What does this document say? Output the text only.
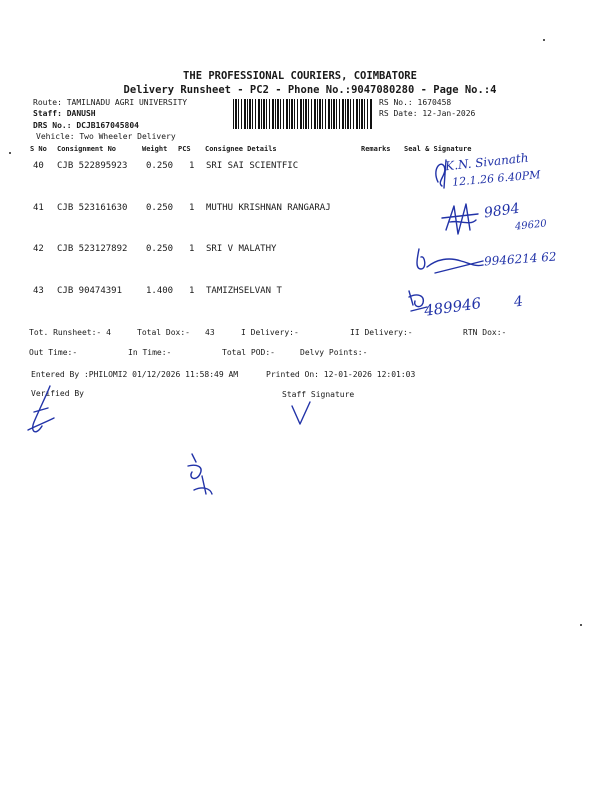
THE PROFESSIONAL COURIERS, COIMBATORE
Delivery Runsheet - PC2 - Phone No.:9047080280 - Page No.:4
Route: TAMILNADU AGRI UNIVERSITY
Staff: DANUSH
DRS No.: DCJB167045804
Vehicle: Two Wheeler Delivery
RS No.: 1670458
RS Date: 12-Jan-2026
S No Consignment No	Weight PCS Consignee Details	Remarks Seal & Signature
40 CJB 522895923 0.250 1 SRI SAI SCIENTFIC
41 CJB 523161630 0.250 1 MUTHU KRISHNAN RANGARAJ
42 CJB 523127892 0.250 1 SRI V MALATHY
43 CJB 90474391	1.400 1 TAMIZHSELVAN T
K.N. Sivanath
12.1.26 6.40PM
9894
49620
9946214 62
489946 4
Tot. Runsheet:- 4	Total Dox:- 43	I Delivery:-	II Delivery:-	RTN Dox:-
Out Time:-	In Time:-	Total POD:-	Delvy Points:-
Entered By :PHILOMI2 01/12/2026 11:58:49 AM	Printed On: 12-01-2026 12:01:03
Verified By	Staff Signature
